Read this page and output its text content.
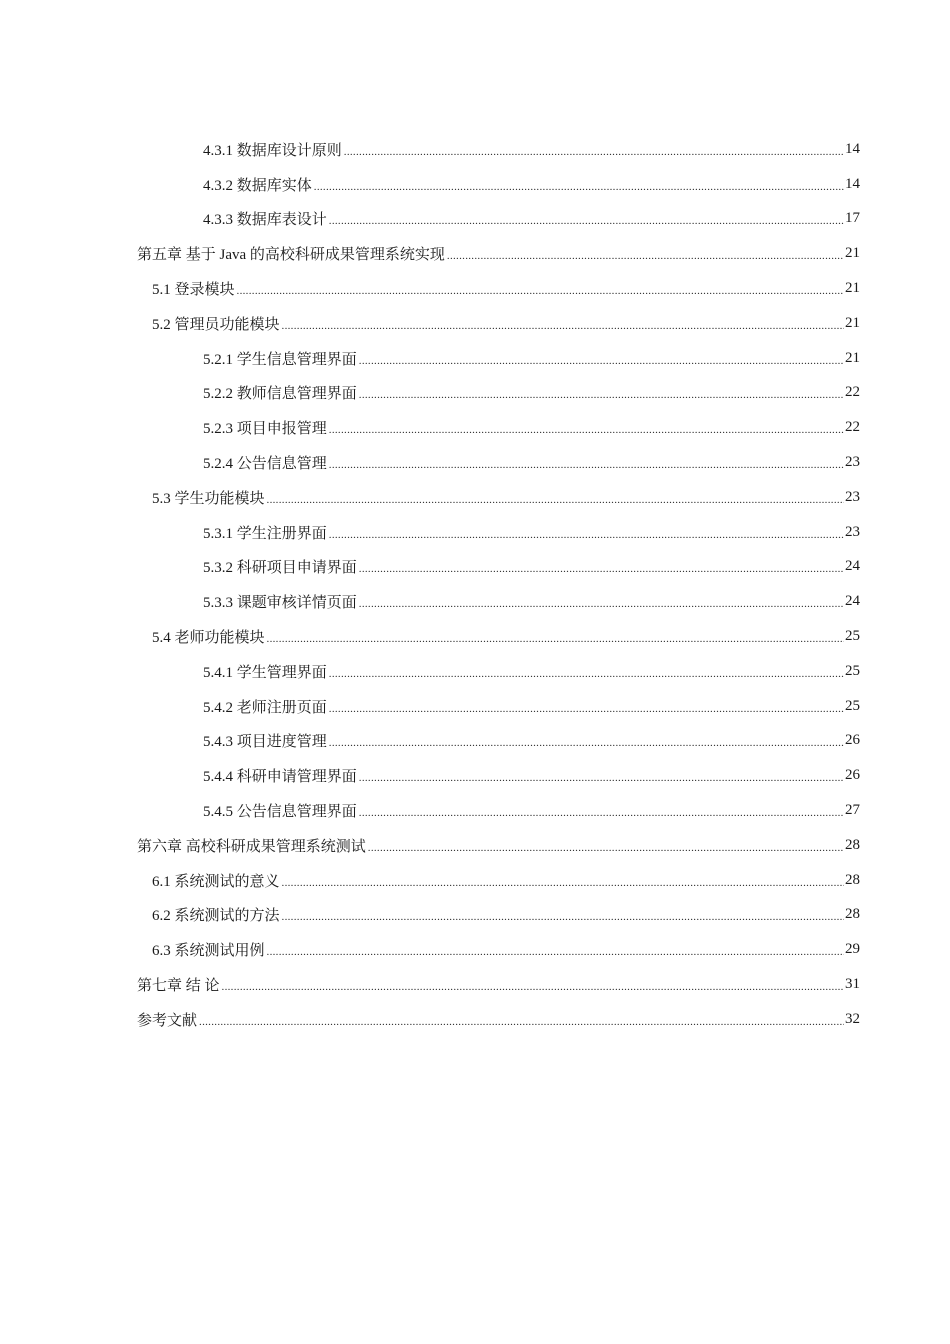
4.3.1 数据库设计原则 .....	14
4.3.2 数据库实体 .....	14
4.3.3 数据库表设计 .....	17
第五章 基于 Java 的高校科研成果管理系统实现 .....	21
5.1 登录模块 .....	21
5.2 管理员功能模块 .....	21
5.2.1 学生信息管理界面 .....	21
5.2.2 教师信息管理界面 .....	22
5.2.3 项目申报管理 .....	22
5.2.4 公告信息管理 .....	23
5.3 学生功能模块 .....	23
5.3.1 学生注册界面 .....	23
5.3.2 科研项目申请界面 .....	24
5.3.3 课题审核详情页面 .....	24
5.4 老师功能模块 .....	25
5.4.1 学生管理界面 .....	25
5.4.2 老师注册页面 .....	25
5.4.3 项目进度管理 .....	26
5.4.4 科研申请管理界面 .....	26
5.4.5 公告信息管理界面 .....	27
第六章 高校科研成果管理系统测试 .....	28
6.1 系统测试的意义 .....	28
6.2 系统测试的方法 .....	28
6.3 系统测试用例 .....	29
第七章 结 论 .....	31
参考文献 .....	32
